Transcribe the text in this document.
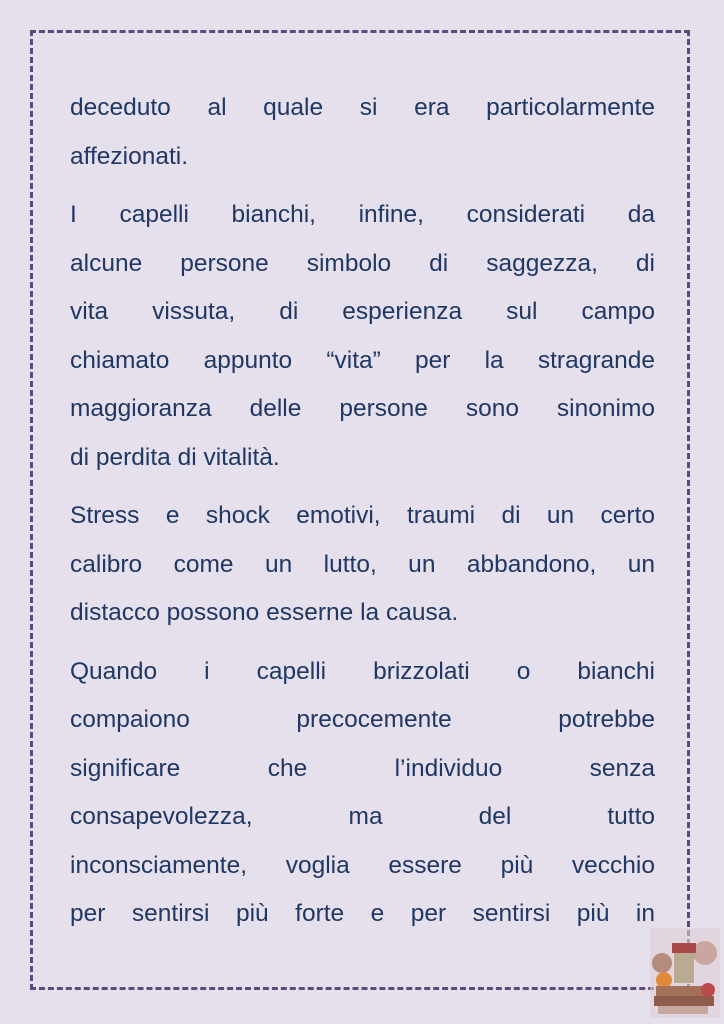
deceduto al quale si era particolarmente
affezionati.
I capelli bianchi, infine, considerati da
alcune persone simbolo di saggezza, di
vita vissuta, di esperienza sul campo
chiamato appunto “vita” per la stragrande
maggioranza delle persone sono sinonimo
di perdita di vitalità.
Stress e shock emotivi, traumi di un certo
calibro come un lutto, un abbandono, un
distacco possono esserne la causa.
Quando i capelli brizzolati o bianchi
compaiono precocemente potrebbe
significare che l’individuo senza
consapevolezza, ma del tutto
inconsciamente, voglia essere più vecchio
per sentirsi più forte e per sentirsi più in
